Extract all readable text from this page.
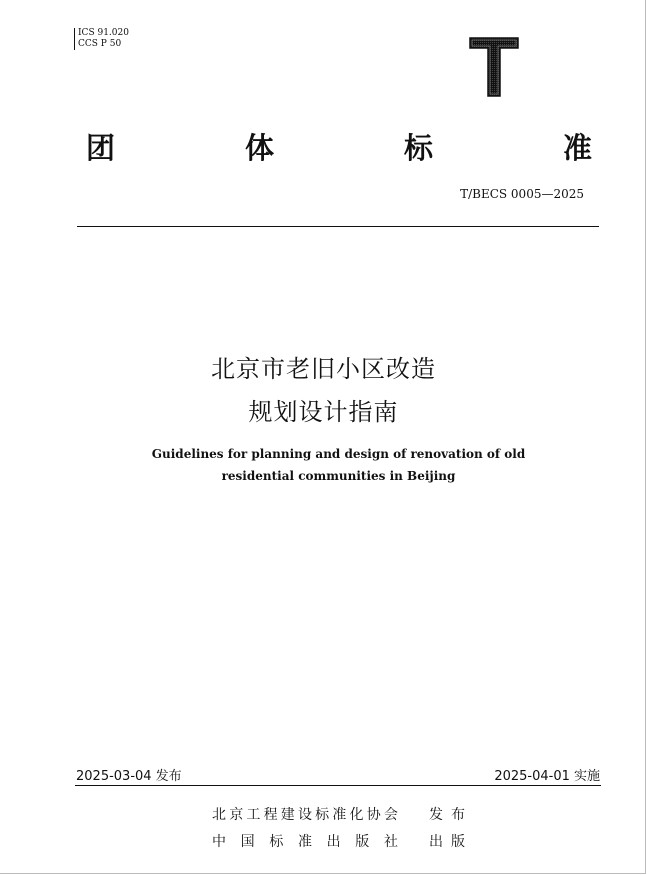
ICS 91.020
CCS P 50
团	体	标	准
T/BECS 0005—2025
北京市老旧小区改造
规划设计指南
Guidelines for planning and design of renovation of old
residential communities in Beijing
2025-03-04 发布	2025-04-01 实施
北 京 工 程 建 设 标 准 化 协 会 发 布
中 国 标 准 出 版 社 出 版
